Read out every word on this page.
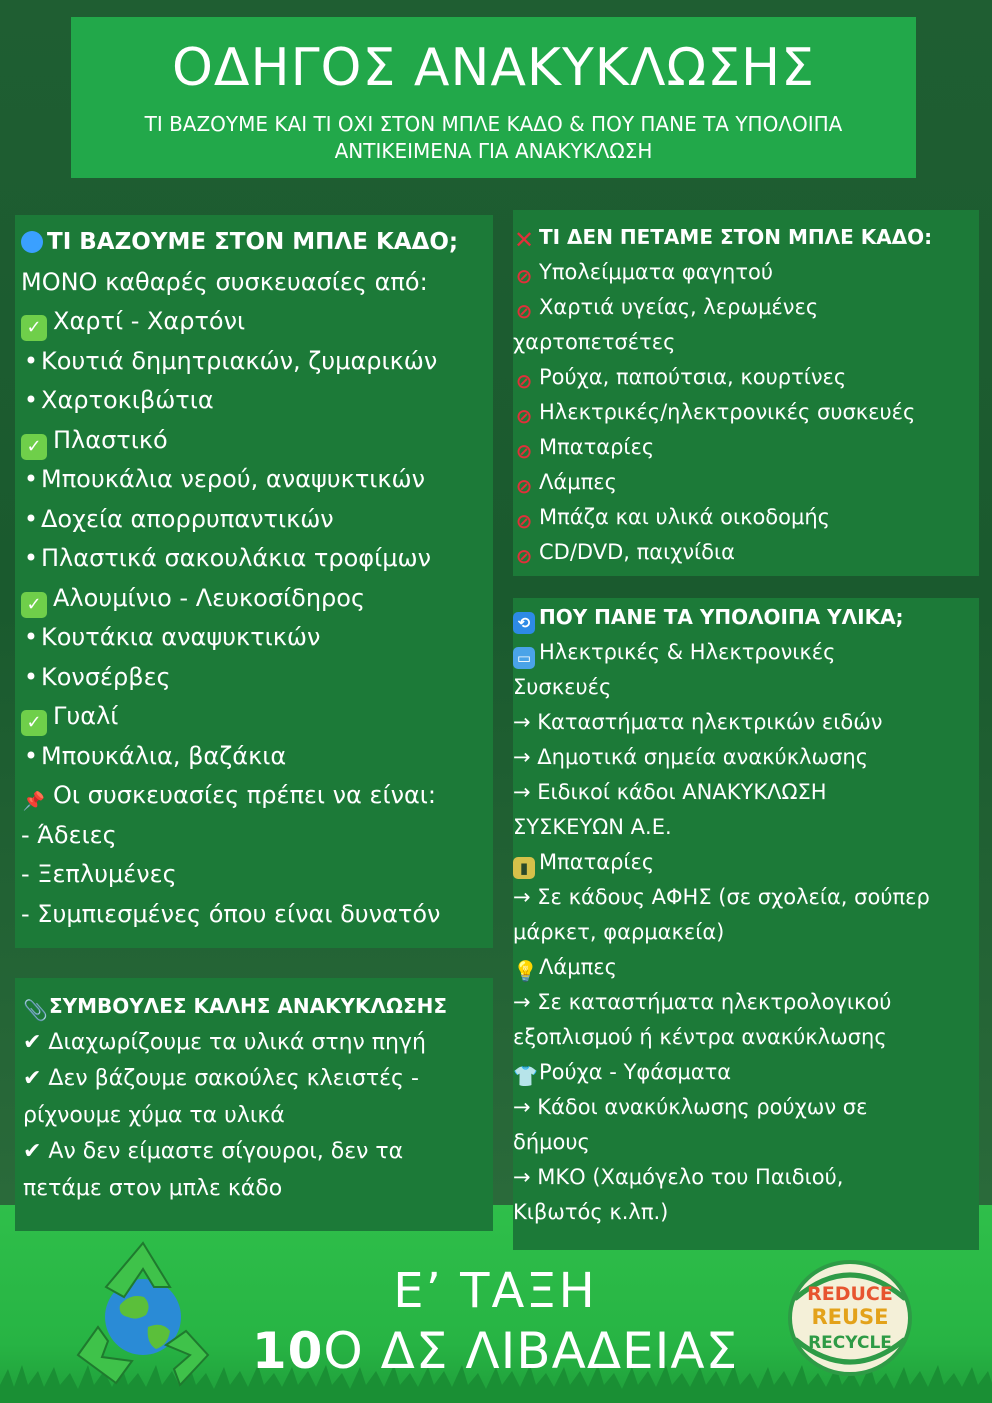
ΟΔΗΓΟΣ ΑΝΑΚΥΚΛΩΣΗΣ

ΤΙ ΒΑΖΟΥΜΕ ΚΑΙ ΤΙ ΟΧΙ ΣΤΟΝ ΜΠΛΕ ΚΑΔΟ & ΠΟΥ ΠΑΝΕ ΤΑ ΥΠΟΛΟΙΠΑ ΑΝΤΙΚΕΙΜΕΝΑ ΓΙΑ ΑΝΑΚΥΚΛΩΣΗ

ΤΙ ΒΑΖΟΥΜΕ ΣΤΟΝ ΜΠΛΕ ΚΑΔΟ;
ΜΟΝΟ καθαρές συσκευασίες από:
✓ Χαρτί - Χαρτόνι
• Κουτιά δημητριακών, ζυμαρικών
• Χαρτοκιβώτια
✓ Πλαστικό
• Μπουκάλια νερού, αναψυκτικών
• Δοχεία απορρυπαντικών
• Πλαστικά σακουλάκια τροφίμων
✓ Αλουμίνιο - Λευκοσίδηρος
• Κουτάκια αναψυκτικών
• Κονσέρβες
✓ Γυαλί
• Μπουκάλια, βαζάκια
📌 Οι συσκευασίες πρέπει να είναι:
- Άδειες
- Ξεπλυμένες
- Συμπιεσμένες όπου είναι δυνατόν
✕ ΤΙ ΔΕΝ ΠΕΤΑΜΕ ΣΤΟΝ ΜΠΛΕ ΚΑΔΟ:
⊘ Υπολείμματα φαγητού
⊘ Χαρτιά υγείας, λερωμένες
χαρτοπετσέτες
⊘ Ρούχα, παπούτσια, κουρτίνες
⊘ Ηλεκτρικές/ηλεκτρονικές συσκευές
⊘ Μπαταρίες
⊘ Λάμπες
⊘ Μπάζα και υλικά οικοδομής
⊘ CD/DVD, παιχνίδια
⟲ ΠΟΥ ΠΑΝΕ ΤΑ ΥΠΟΛΟΙΠΑ ΥΛΙΚΑ;
▭ Ηλεκτρικές & Ηλεκτρονικές
Συσκευές
→ Καταστήματα ηλεκτρικών ειδών
→ Δημοτικά σημεία ανακύκλωσης
→ Ειδικοί κάδοι ΑΝΑΚΥΚΛΩΣΗ
ΣΥΣΚΕΥΩΝ Α.Ε.
▮ Μπαταρίες
→ Σε κάδους ΑΦΗΣ (σε σχολεία, σούπερ
μάρκετ, φαρμακεία)
💡Λάμπες
→ Σε καταστήματα ηλεκτρολογικού
εξοπλισμού ή κέντρα ανακύκλωσης
👕Ρούχα - Υφάσματα
→ Κάδοι ανακύκλωσης ρούχων σε
δήμους
→ ΜΚΟ (Χαμόγελο του Παιδιού,
Κιβωτός κ.λπ.)
📎ΣΥΜΒΟΥΛΕΣ ΚΑΛΗΣ ΑΝΑΚΥΚΛΩΣΗΣ
✔ Διαχωρίζουμε τα υλικά στην πηγή
✔ Δεν βάζουμε σακούλες κλειστές -
ρίχνουμε χύμα τα υλικά
✔ Αν δεν είμαστε σίγουροι, δεν τα
πετάμε στον μπλε κάδο
Ε’ ΤΑΞΗ
10Ο ΔΣ ΛΙΒΑΔΕΙΑΣ
REDUCE
REUSE
RECYCLE
